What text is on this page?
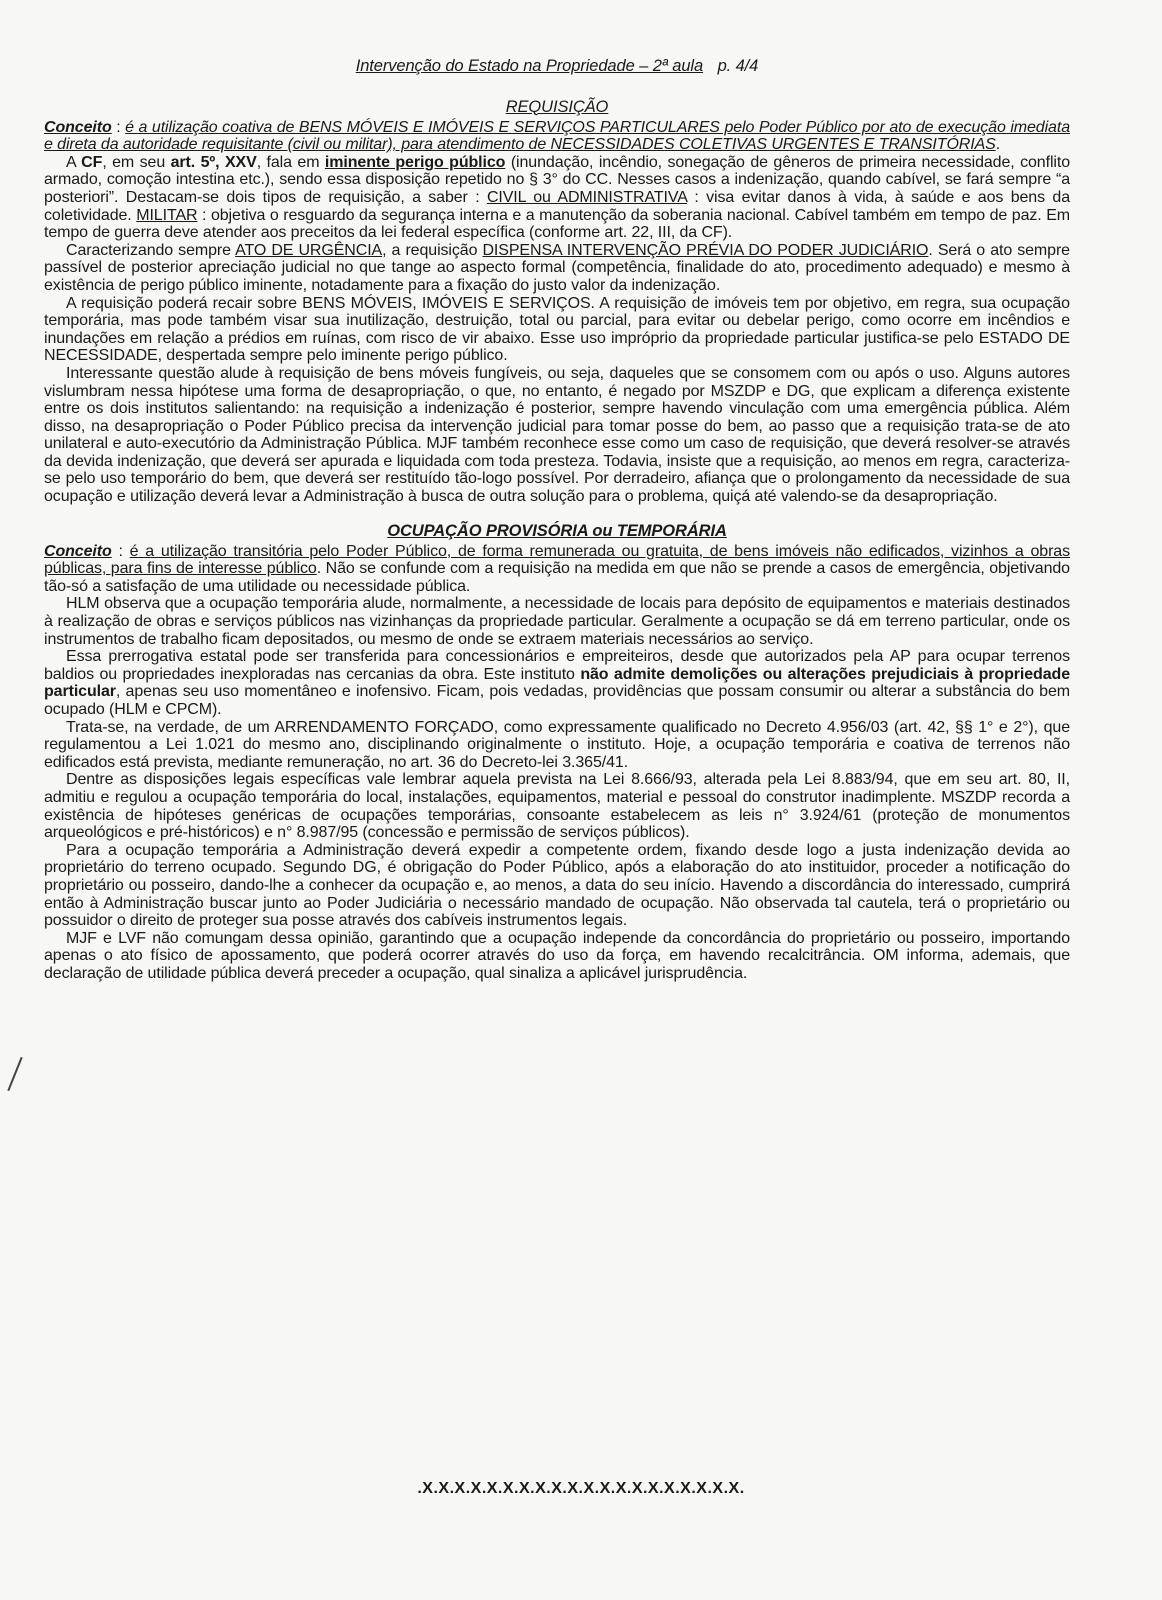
Intervenção do Estado na Propriedade – 2ª aula p. 4/4
REQUISIÇÃO

Conceito : é a utilização coativa de BENS MÓVEIS E IMÓVEIS E SERVIÇOS PARTICULARES pelo Poder Público por ato de execução imediata e direta da autoridade requisitante (civil ou militar), para atendimento de NECESSIDADES COLETIVAS URGENTES E TRANSITÓRIAS.

A CF, em seu art. 5º, XXV, fala em iminente perigo público (inundação, incêndio, sonegação de gêneros de primeira necessidade, conflito armado, comoção intestina etc.), sendo essa disposição repetido no § 3° do CC. Nesses casos a indenização, quando cabível, se fará sempre “a posteriori”. Destacam-se dois tipos de requisição, a saber : CIVIL ou ADMINISTRATIVA : visa evitar danos à vida, à saúde e aos bens da coletividade. MILITAR : objetiva o resguardo da segurança interna e a manutenção da soberania nacional. Cabível também em tempo de paz. Em tempo de guerra deve atender aos preceitos da lei federal específica (conforme art. 22, III, da CF).

Caracterizando sempre ATO DE URGÊNCIA, a requisição DISPENSA INTERVENÇÃO PRÉVIA DO PODER JUDICIÁRIO. Será o ato sempre passível de posterior apreciação judicial no que tange ao aspecto formal (competência, finalidade do ato, procedimento adequado) e mesmo à existência de perigo público iminente, notadamente para a fixação do justo valor da indenização.

A requisição poderá recair sobre BENS MÓVEIS, IMÓVEIS E SERVIÇOS. A requisição de imóveis tem por objetivo, em regra, sua ocupação temporária, mas pode também visar sua inutilização, destruição, total ou parcial, para evitar ou debelar perigo, como ocorre em incêndios e inundações em relação a prédios em ruínas, com risco de vir abaixo. Esse uso impróprio da propriedade particular justifica-se pelo ESTADO DE NECESSIDADE, despertada sempre pelo iminente perigo público.

Interessante questão alude à requisição de bens móveis fungíveis, ou seja, daqueles que se consomem com ou após o uso. Alguns autores vislumbram nessa hipótese uma forma de desapropriação, o que, no entanto, é negado por MSZDP e DG, que explicam a diferença existente entre os dois institutos salientando: na requisição a indenização é posterior, sempre havendo vinculação com uma emergência pública. Além disso, na desapropriação o Poder Público precisa da intervenção judicial para tomar posse do bem, ao passo que a requisição trata-se de ato unilateral e auto-executório da Administração Pública. MJF também reconhece esse como um caso de requisição, que deverá resolver-se através da devida indenização, que deverá ser apurada e liquidada com toda presteza. Todavia, insiste que a requisição, ao menos em regra, caracteriza-se pelo uso temporário do bem, que deverá ser restituído tão-logo possível. Por derradeiro, afiança que o prolongamento da necessidade de sua ocupação e utilização deverá levar a Administração à busca de outra solução para o problema, quiçá até valendo-se da desapropriação.

OCUPAÇÃO PROVISÓRIA ou TEMPORÁRIA

Conceito : é a utilização transitória pelo Poder Público, de forma remunerada ou gratuita, de bens imóveis não edificados, vizinhos a obras públicas, para fins de interesse público. Não se confunde com a requisição na medida em que não se prende a casos de emergência, objetivando tão-só a satisfação de uma utilidade ou necessidade pública.

HLM observa que a ocupação temporária alude, normalmente, a necessidade de locais para depósito de equipamentos e materiais destinados à realização de obras e serviços públicos nas vizinhanças da propriedade particular. Geralmente a ocupação se dá em terreno particular, onde os instrumentos de trabalho ficam depositados, ou mesmo de onde se extraem materiais necessários ao serviço.

Essa prerrogativa estatal pode ser transferida para concessionários e empreiteiros, desde que autorizados pela AP para ocupar terrenos baldios ou propriedades inexploradas nas cercanias da obra. Este instituto não admite demolições ou alterações prejudiciais à propriedade particular, apenas seu uso momentâneo e inofensivo. Ficam, pois vedadas, providências que possam consumir ou alterar a substância do bem ocupado (HLM e CPCM).

Trata-se, na verdade, de um ARRENDAMENTO FORÇADO, como expressamente qualificado no Decreto 4.956/03 (art. 42, §§ 1° e 2°), que regulamentou a Lei 1.021 do mesmo ano, disciplinando originalmente o instituto. Hoje, a ocupação temporária e coativa de terrenos não edificados está prevista, mediante remuneração, no art. 36 do Decreto-lei 3.365/41.

Dentre as disposições legais específicas vale lembrar aquela prevista na Lei 8.666/93, alterada pela Lei 8.883/94, que em seu art. 80, II, admitiu e regulou a ocupação temporária do local, instalações, equipamentos, material e pessoal do construtor inadimplente. MSZDP recorda a existência de hipóteses genéricas de ocupações temporárias, consoante estabelecem as leis n° 3.924/61 (proteção de monumentos arqueológicos e pré-históricos) e n° 8.987/95 (concessão e permissão de serviços públicos).

Para a ocupação temporária a Administração deverá expedir a competente ordem, fixando desde logo a justa indenização devida ao proprietário do terreno ocupado. Segundo DG, é obrigação do Poder Público, após a elaboração do ato instituidor, proceder a notificação do proprietário ou posseiro, dando-lhe a conhecer da ocupação e, ao menos, a data do seu início. Havendo a discordância do interessado, cumprirá então à Administração buscar junto ao Poder Judiciária o necessário mandado de ocupação. Não observada tal cautela, terá o proprietário ou possuidor o direito de proteger sua posse através dos cabíveis instrumentos legais.

MJF e LVF não comungam dessa opinião, garantindo que a ocupação independe da concordância do proprietário ou posseiro, importando apenas o ato físico de apossamento, que poderá ocorrer através do uso da força, em havendo recalcitrância. OM informa, ademais, que declaração de utilidade pública deverá preceder a ocupação, qual sinaliza a aplicável jurisprudência.

.X.X.X.X.X.X.X.X.X.X.X.X.X.X.X.X.X.X.X.X.
